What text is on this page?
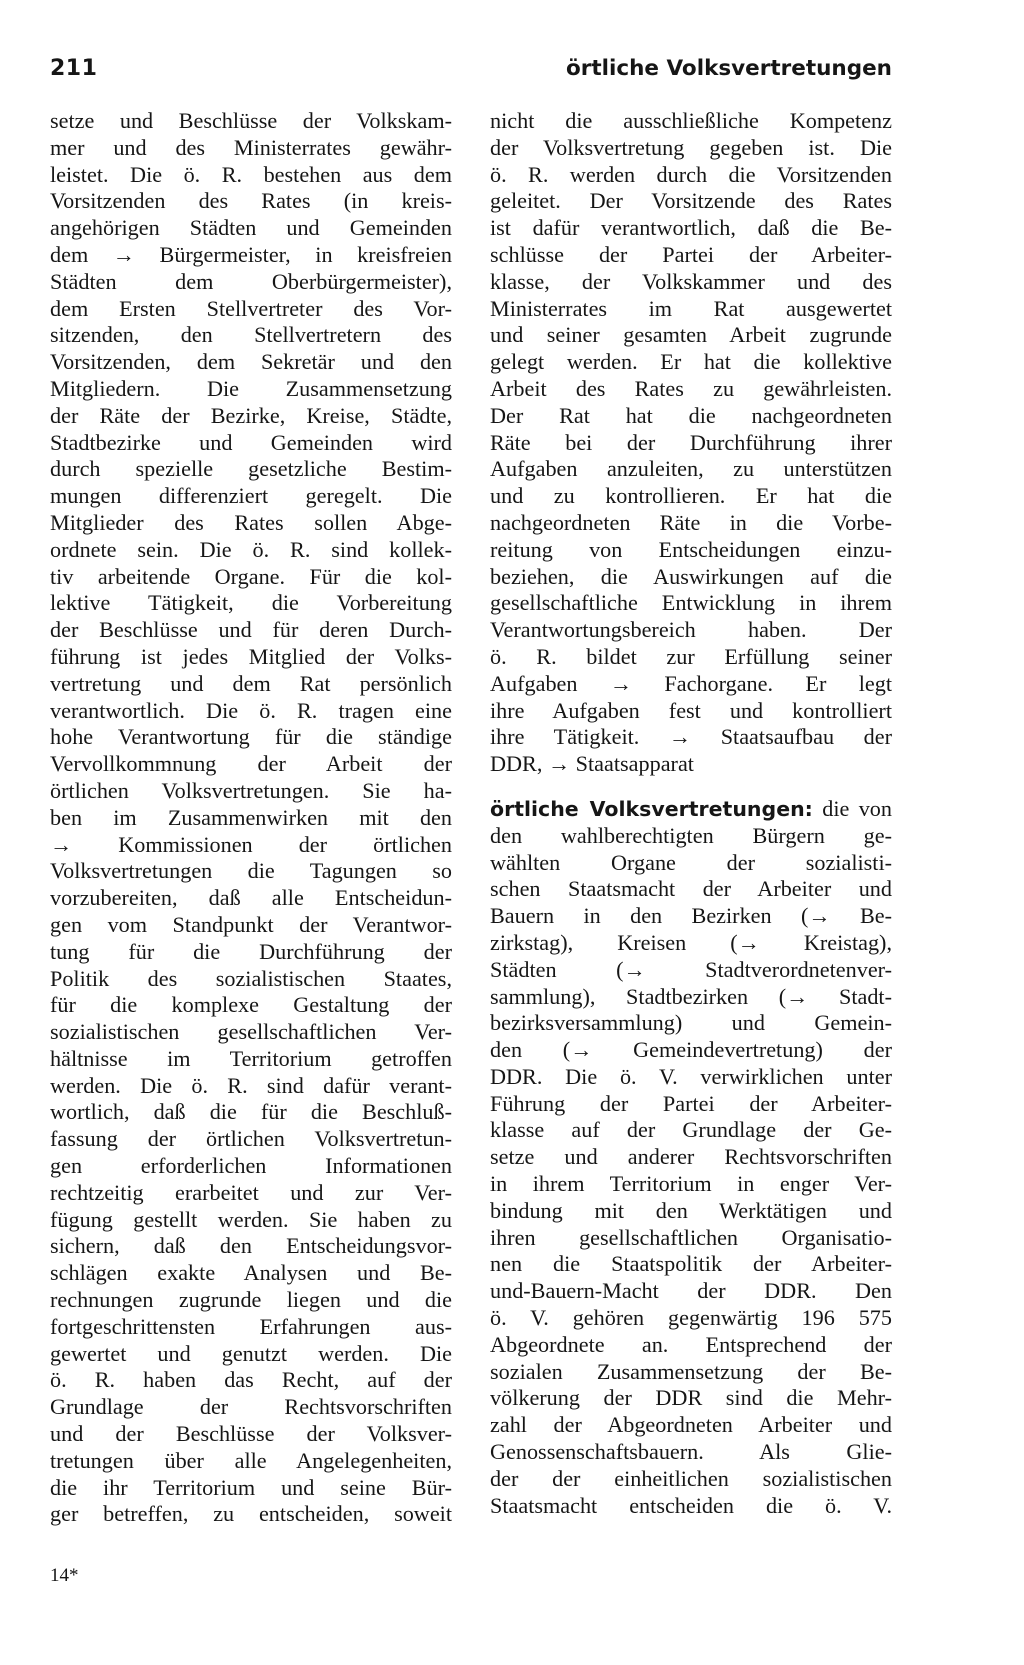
211	örtliche Volksvertretungen
setze und Beschlüsse der Volkskam-
mer und des Ministerrates gewähr-
leistet. Die ö. R. bestehen aus dem
Vorsitzenden des Rates (in kreis-
angehörigen Städten und Gemeinden
dem → Bürgermeister, in kreisfreien
Städten dem Oberbürgermeister),
dem Ersten Stellvertreter des Vor-
sitzenden, den Stellvertretern des
Vorsitzenden, dem Sekretär und den
Mitgliedern. Die Zusammensetzung
der Räte der Bezirke, Kreise, Städte,
Stadtbezirke und Gemeinden wird
durch spezielle gesetzliche Bestim-
mungen differenziert geregelt. Die
Mitglieder des Rates sollen Abge-
ordnete sein. Die ö. R. sind kollek-
tiv arbeitende Organe. Für die kol-
lektive Tätigkeit, die Vorbereitung
der Beschlüsse und für deren Durch-
führung ist jedes Mitglied der Volks-
vertretung und dem Rat persönlich
verantwortlich. Die ö. R. tragen eine
hohe Verantwortung für die ständige
Vervollkommnung der Arbeit der
örtlichen Volksvertretungen. Sie ha-
ben im Zusammenwirken mit den
→ Kommissionen der örtlichen
Volksvertretungen die Tagungen so
vorzubereiten, daß alle Entscheidun-
gen vom Standpunkt der Verantwor-
tung für die Durchführung der
Politik des sozialistischen Staates,
für die komplexe Gestaltung der
sozialistischen gesellschaftlichen Ver-
hältnisse im Territorium getroffen
werden. Die ö. R. sind dafür verant-
wortlich, daß die für die Beschluß-
fassung der örtlichen Volksvertretun-
gen erforderlichen Informationen
rechtzeitig erarbeitet und zur Ver-
fügung gestellt werden. Sie haben zu
sichern, daß den Entscheidungsvor-
schlägen exakte Analysen und Be-
rechnungen zugrunde liegen und die
fortgeschrittensten Erfahrungen aus-
gewertet und genutzt werden. Die
ö. R. haben das Recht, auf der
Grundlage der Rechtsvorschriften
und der Beschlüsse der Volksver-
tretungen über alle Angelegenheiten,
die ihr Territorium und seine Bür-
ger betreffen, zu entscheiden, soweit
nicht die ausschließliche Kompetenz
der Volksvertretung gegeben ist. Die
ö. R. werden durch die Vorsitzenden
geleitet. Der Vorsitzende des Rates
ist dafür verantwortlich, daß die Be-
schlüsse der Partei der Arbeiter-
klasse, der Volkskammer und des
Ministerrates im Rat ausgewertet
und seiner gesamten Arbeit zugrunde
gelegt werden. Er hat die kollektive
Arbeit des Rates zu gewährleisten.
Der Rat hat die nachgeordneten
Räte bei der Durchführung ihrer
Aufgaben anzuleiten, zu unterstützen
und zu kontrollieren. Er hat die
nachgeordneten Räte in die Vorbe-
reitung von Entscheidungen einzu-
beziehen, die Auswirkungen auf die
gesellschaftliche Entwicklung in ihrem
Verantwortungsbereich haben. Der
ö. R. bildet zur Erfüllung seiner
Aufgaben → Fachorgane. Er legt
ihre Aufgaben fest und kontrolliert
ihre Tätigkeit. → Staatsaufbau der
DDR, → Staatsapparat
örtliche Volksvertretungen: die von
den wahlberechtigten Bürgern ge-
wählten Organe der sozialisti-
schen Staatsmacht der Arbeiter und
Bauern in den Bezirken (→ Be-
zirkstag), Kreisen (→ Kreistag),
Städten (→ Stadtverordnetenver-
sammlung), Stadtbezirken (→ Stadt-
bezirksversammlung) und Gemein-
den (→ Gemeindevertretung) der
DDR. Die ö. V. verwirklichen unter
Führung der Partei der Arbeiter-
klasse auf der Grundlage der Ge-
setze und anderer Rechtsvorschriften
in ihrem Territorium in enger Ver-
bindung mit den Werktätigen und
ihren gesellschaftlichen Organisatio-
nen die Staatspolitik der Arbeiter-
und-Bauern-Macht der DDR. Den
ö. V. gehören gegenwärtig 196 575
Abgeordnete an. Entsprechend der
sozialen Zusammensetzung der Be-
völkerung der DDR sind die Mehr-
zahl der Abgeordneten Arbeiter und
Genossenschaftsbauern. Als Glie-
der der einheitlichen sozialistischen
Staatsmacht entscheiden die ö. V.
14*
